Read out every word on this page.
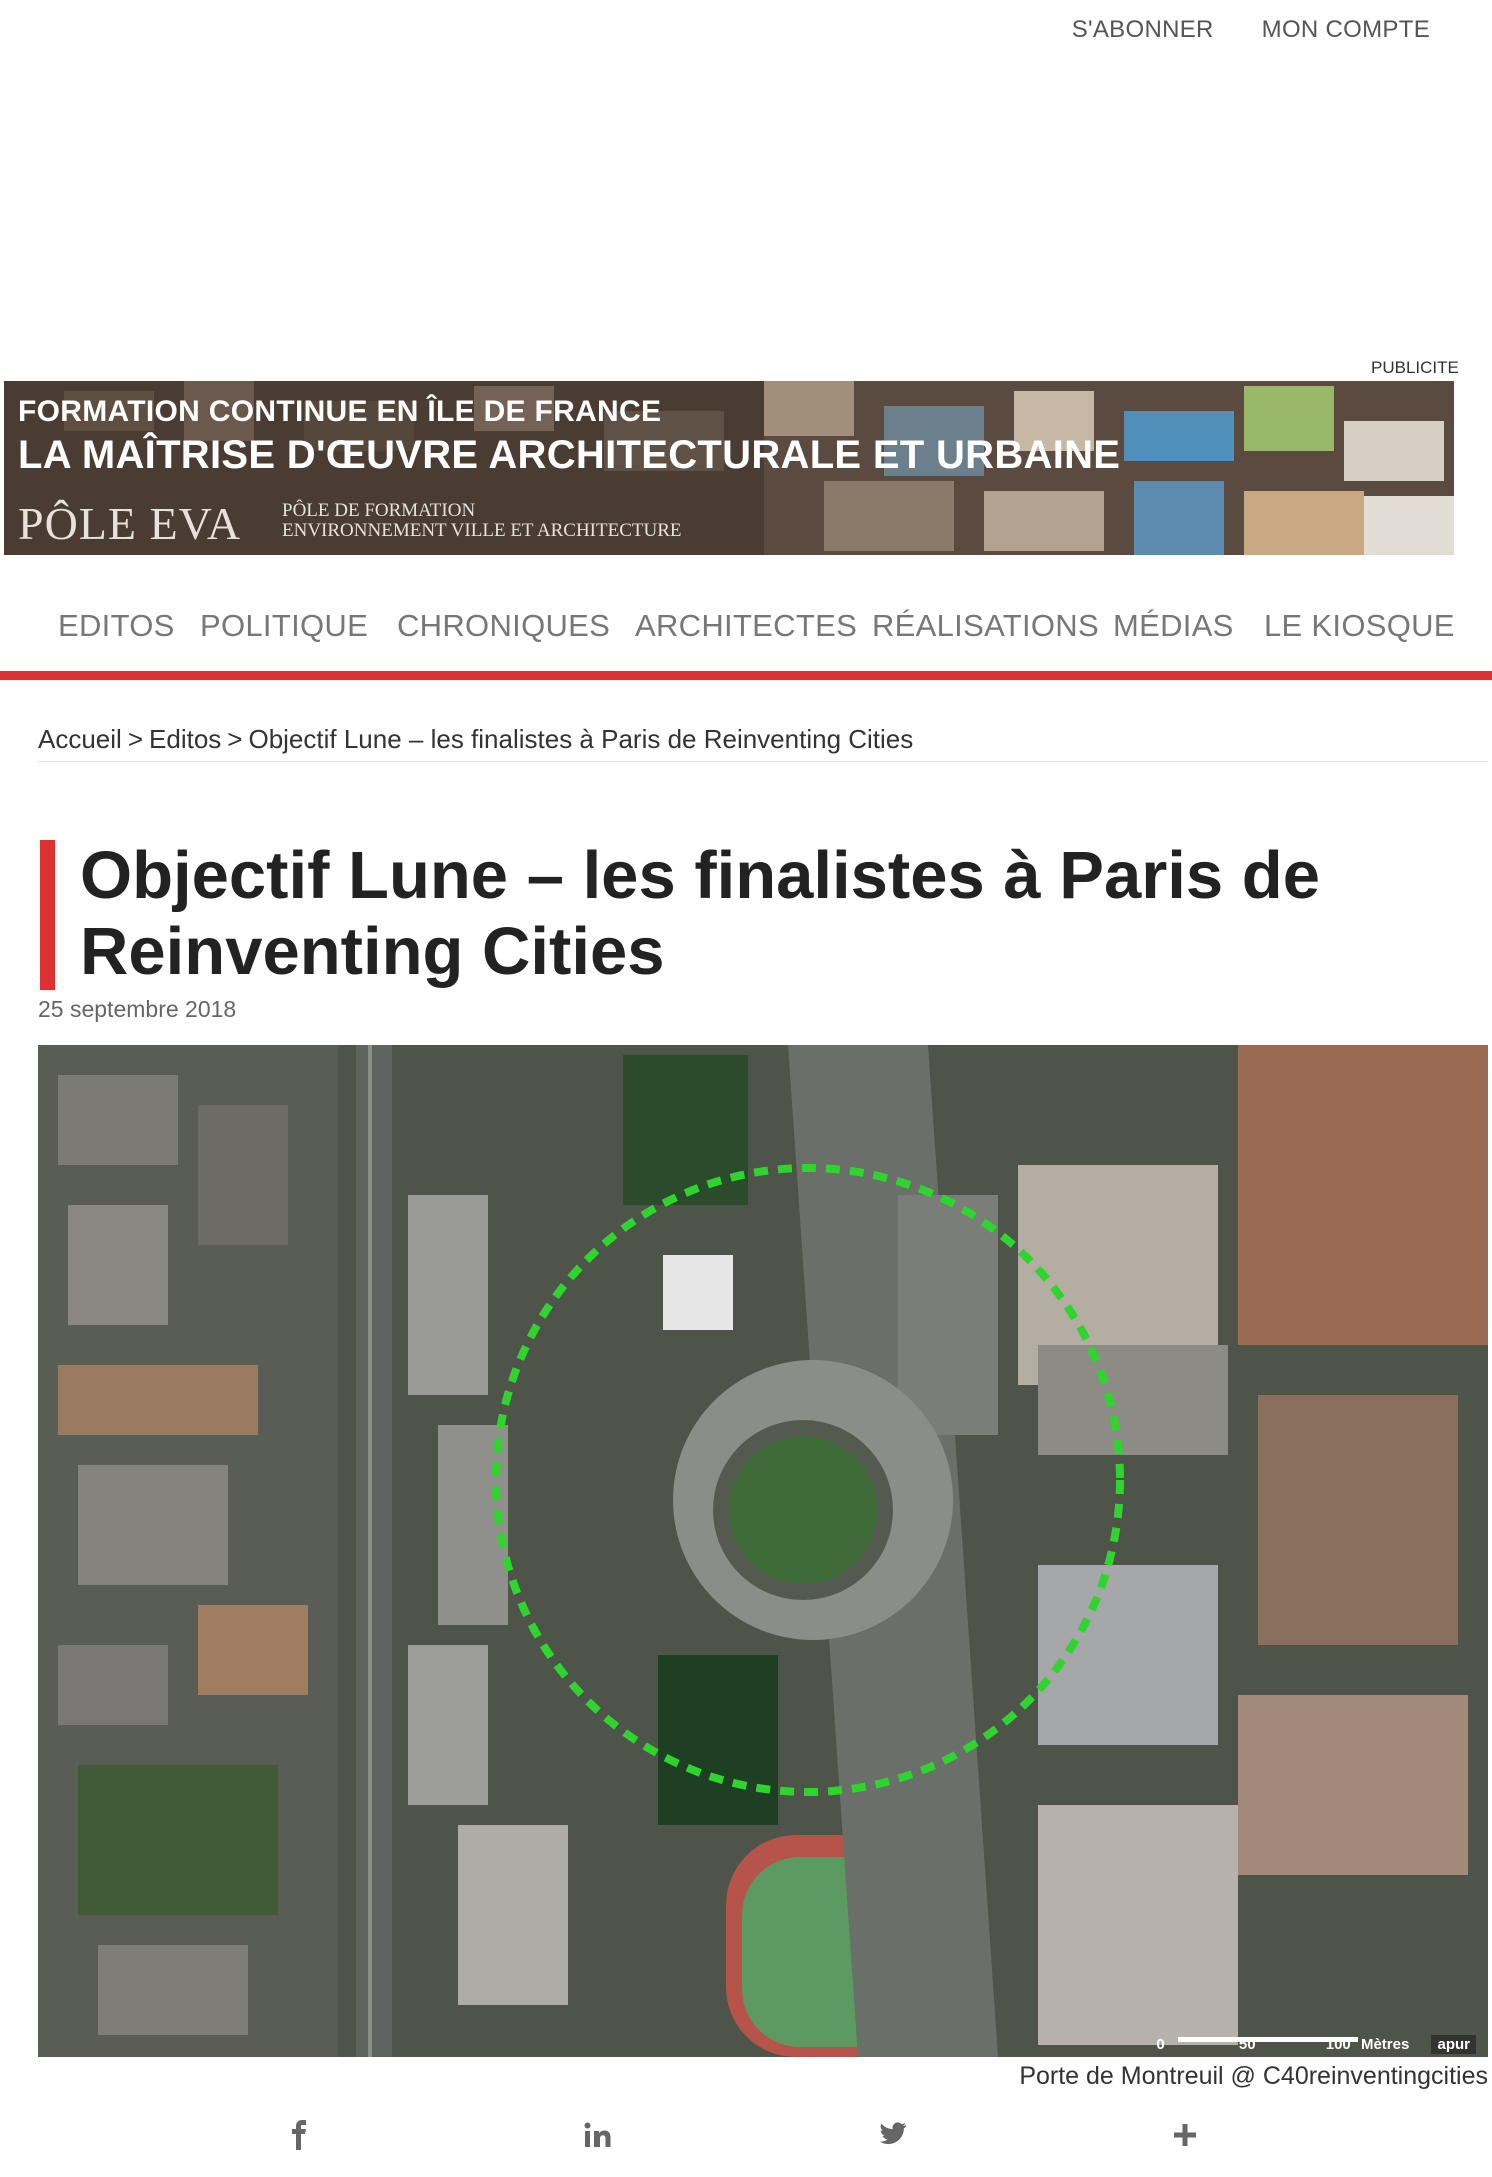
S'ABONNER MON COMPTE
PUBLICITE
FORMATION CONTINUE EN ÎLE DE FRANCE
LA MAÎTRISE D'ŒUVRE ARCHITECTURALE ET URBAINE
PÔLE EVA PÔLE DE FORMATION
ENVIRONNEMENT VILLE ET ARCHITECTURE
EDITOS POLITIQUE CHRONIQUES ARCHITECTES RÉALISATIONS MÉDIAS LE KIOSQUE
Accueil > Editos > Objectif Lune – les finalistes à Paris de Reinventing Cities
Objectif Lune – les finalistes à Paris de Reinventing Cities
25 septembre 2018
0	50	100 Mètres apur
Porte de Montreuil @ C40reinventingcities
